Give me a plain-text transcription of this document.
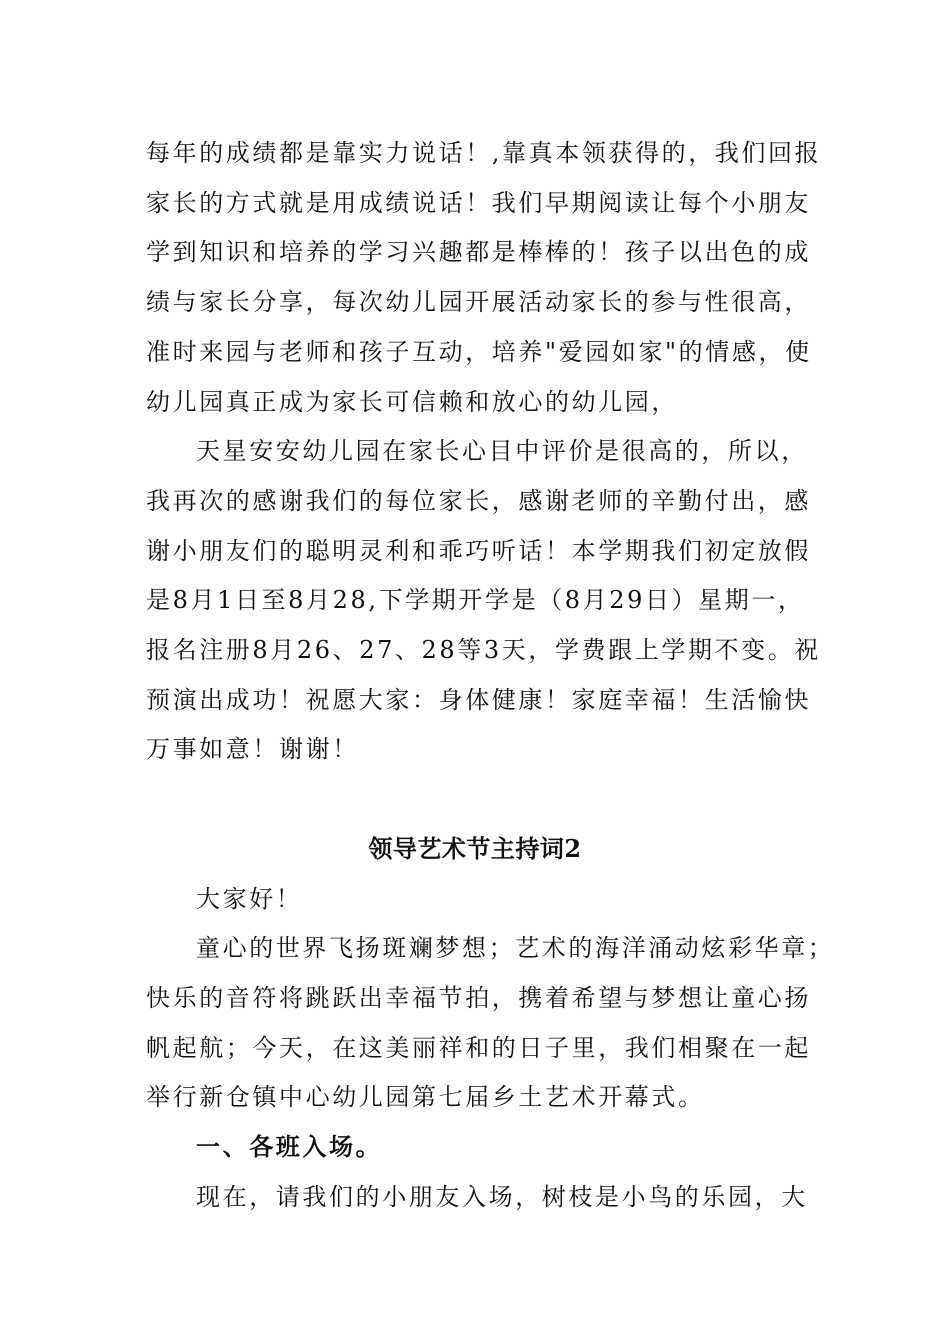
每年的成绩都是靠实力说话！,靠真本领获得的，我们回报
家长的方式就是用成绩说话！我们早期阅读让每个小朋友
学到知识和培养的学习兴趣都是棒棒的！孩子以出色的成
绩与家长分享，每次幼儿园开展活动家长的参与性很高，
准时来园与老师和孩子互动，培养"爱园如家"的情感，使
幼儿园真正成为家长可信赖和放心的幼儿园，
天星安安幼儿园在家长心目中评价是很高的，所以，
我再次的感谢我们的每位家长，感谢老师的辛勤付出，感
谢小朋友们的聪明灵利和乖巧听话！本学期我们初定放假
是8月1日至8月28,下学期开学是（8月29日）星期一，
报名注册8月26、27、28等3天，学费跟上学期不变。祝
预演出成功！祝愿大家：身体健康！家庭幸福！生活愉快
万事如意！谢谢！
领导艺术节主持词2
大家好！
童心的世界飞扬斑斓梦想；艺术的海洋涌动炫彩华章；
快乐的音符将跳跃出幸福节拍，携着希望与梦想让童心扬
帆起航；今天，在这美丽祥和的日子里，我们相聚在一起
举行新仓镇中心幼儿园第七届乡土艺术开幕式。
一、各班入场。
现在，请我们的小朋友入场，树枝是小鸟的乐园，大
